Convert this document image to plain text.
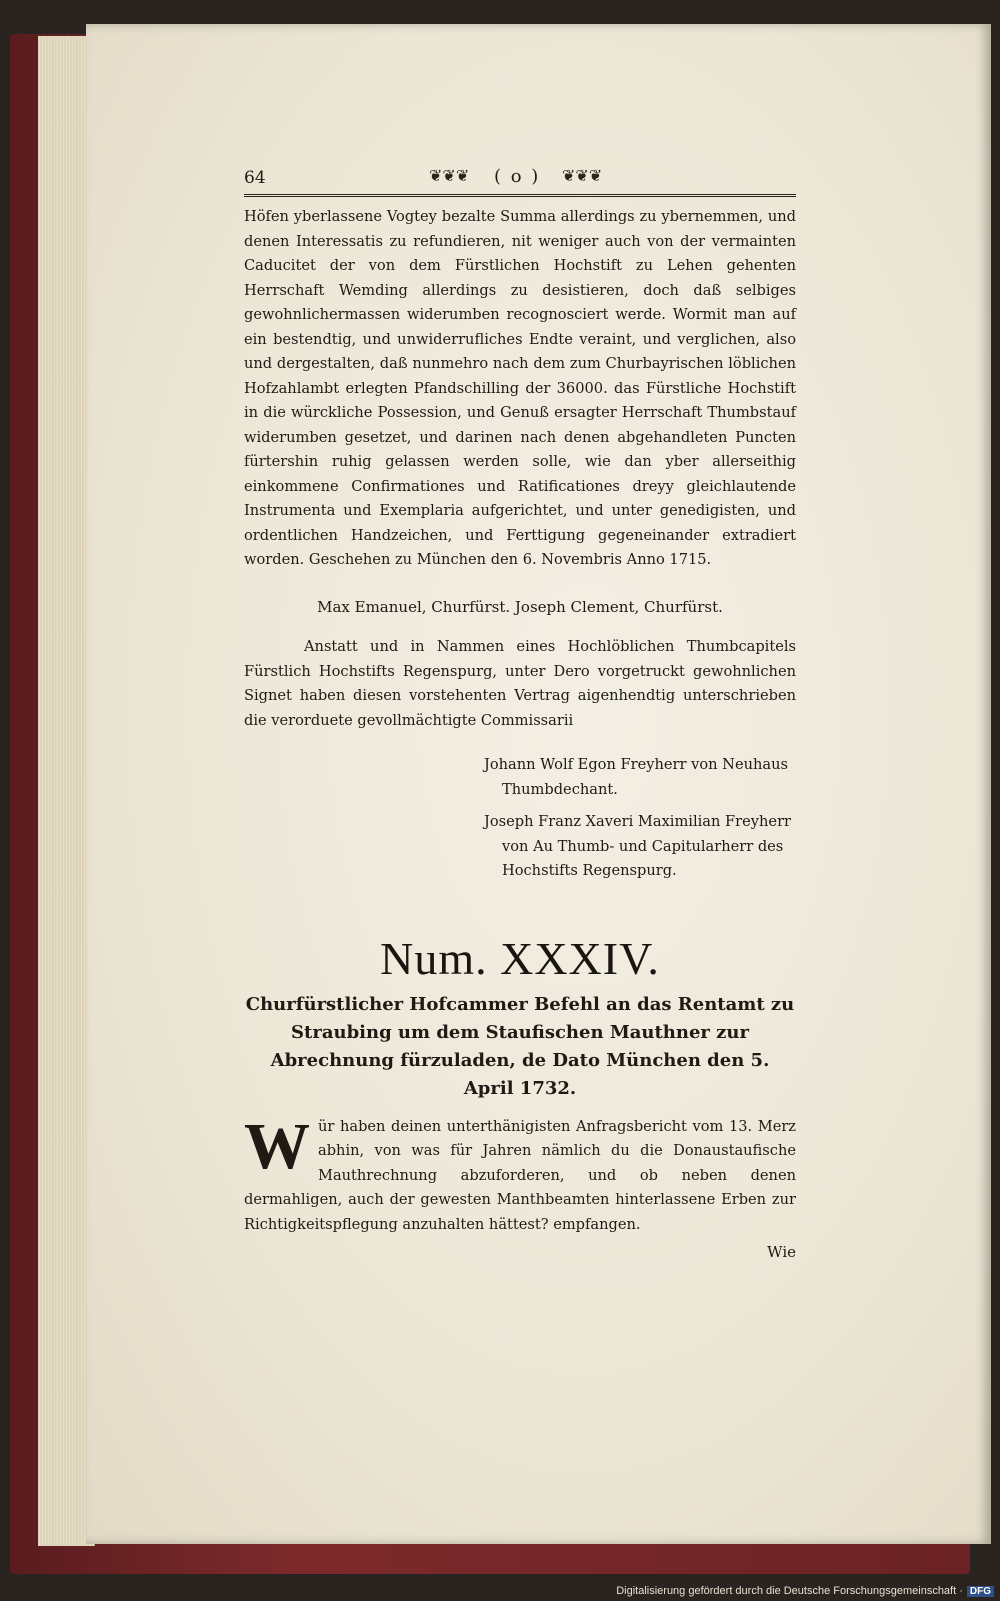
64	❦❦❦ ( o ) ❦❦❦

Höfen yberlassene Vogtey bezalte Summa allerdings zu ybernemmen, und denen Interessatis zu refundieren, nit weniger auch von der vermainten Caducitet der von dem Fürstlichen Hochstift zu Lehen gehenten Herrschaft Wemding allerdings zu desistieren, doch daß selbiges gewohnlichermassen widerumben recognosciert werde. Wormit man auf ein bestendtig, und unwiderrufliches Endte veraint, und verglichen, also und dergestalten, daß nunmehro nach dem zum Churbayrischen löblichen Hofzahlambt erlegten Pfandschilling der 36000. das Fürstliche Hochstift in die würckliche Possession, und Genuß ersagter Herrschaft Thumbstauf widerumben gesetzet, und darinen nach denen abgehandleten Puncten fürtershin ruhig gelassen werden solle, wie dan yber allerseithig einkommene Confirmationes und Ratificationes dreyy gleichlautende Instrumenta und Exemplaria aufgerichtet, und unter genedigisten, und ordentlichen Handzeichen, und Ferttigung gegeneinander extradiert worden. Geschehen zu München den 6. Novembris Anno 1715.

Max Emanuel, Churfürst. Joseph Clement, Churfürst.

Anstatt und in Nammen eines Hochlöblichen Thumbcapitels Fürstlich Hochstifts Regenspurg, unter Dero vorgetruckt gewohnlichen Signet haben diesen vorstehenten Vertrag aigenhendtig unterschrieben die verorduete gevollmächtigte Commissarii

Johann Wolf Egon Freyherr von Neuhaus Thumbdechant.
Joseph Franz Xaveri Maximilian Freyherr von Au Thumb- und Capitularherr des Hochstifts Regenspurg.
Num. XXXIV.
Churfürstlicher Hofcammer Befehl an das Rentamt zu Straubing um dem Staufischen Mauthner zur Abrechnung fürzuladen, de Dato München den 5. April 1732.
W ür haben deinen unterthänigisten Anfragsbericht vom 13. Merz abhin, von was für Jahren nämlich du die Donaustaufische Mauthrechnung abzuforderen, und ob neben denen dermahligen, auch der gewesten Manthbeamten hinterlassene Erben zur Richtigkeitspflegung anzuhalten hättest? empfangen.
Wie
Digitalisierung gefördert durch die Deutsche Forschungsgemeinschaft · DFG
